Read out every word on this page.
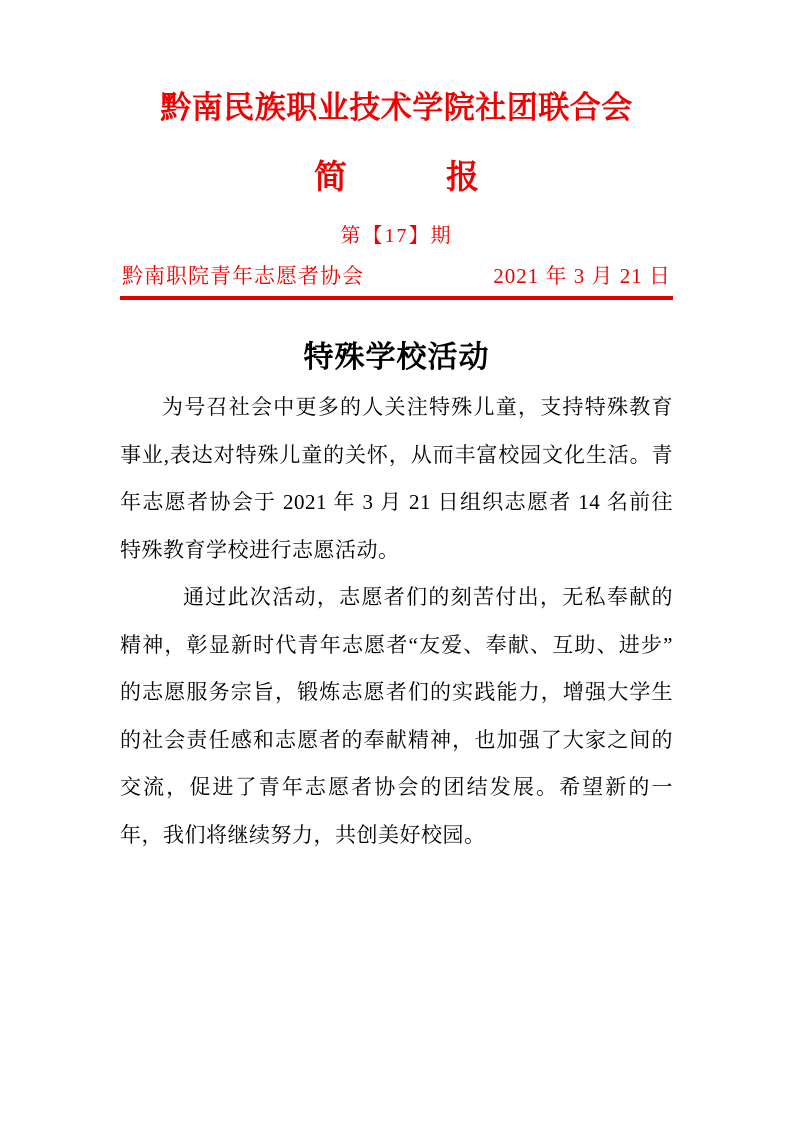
黔南民族职业技术学院社团联合会
简　　　报
第【17】期
黔南职院青年志愿者协会	2021 年 3 月 21 日
特殊学校活动

为号召社会中更多的人关注特殊儿童，支持特殊教育事业,表达对特殊儿童的关怀，从而丰富校园文化生活。青年志愿者协会于 2021 年 3 月 21 日组织志愿者 14 名前往特殊教育学校进行志愿活动。

通过此次活动，志愿者们的刻苦付出，无私奉献的精神，彰显新时代青年志愿者“友爱、奉献、互助、进步”的志愿服务宗旨，锻炼志愿者们的实践能力，增强大学生的社会责任感和志愿者的奉献精神，也加强了大家之间的交流，促进了青年志愿者协会的团结发展。希望新的一年，我们将继续努力，共创美好校园。
